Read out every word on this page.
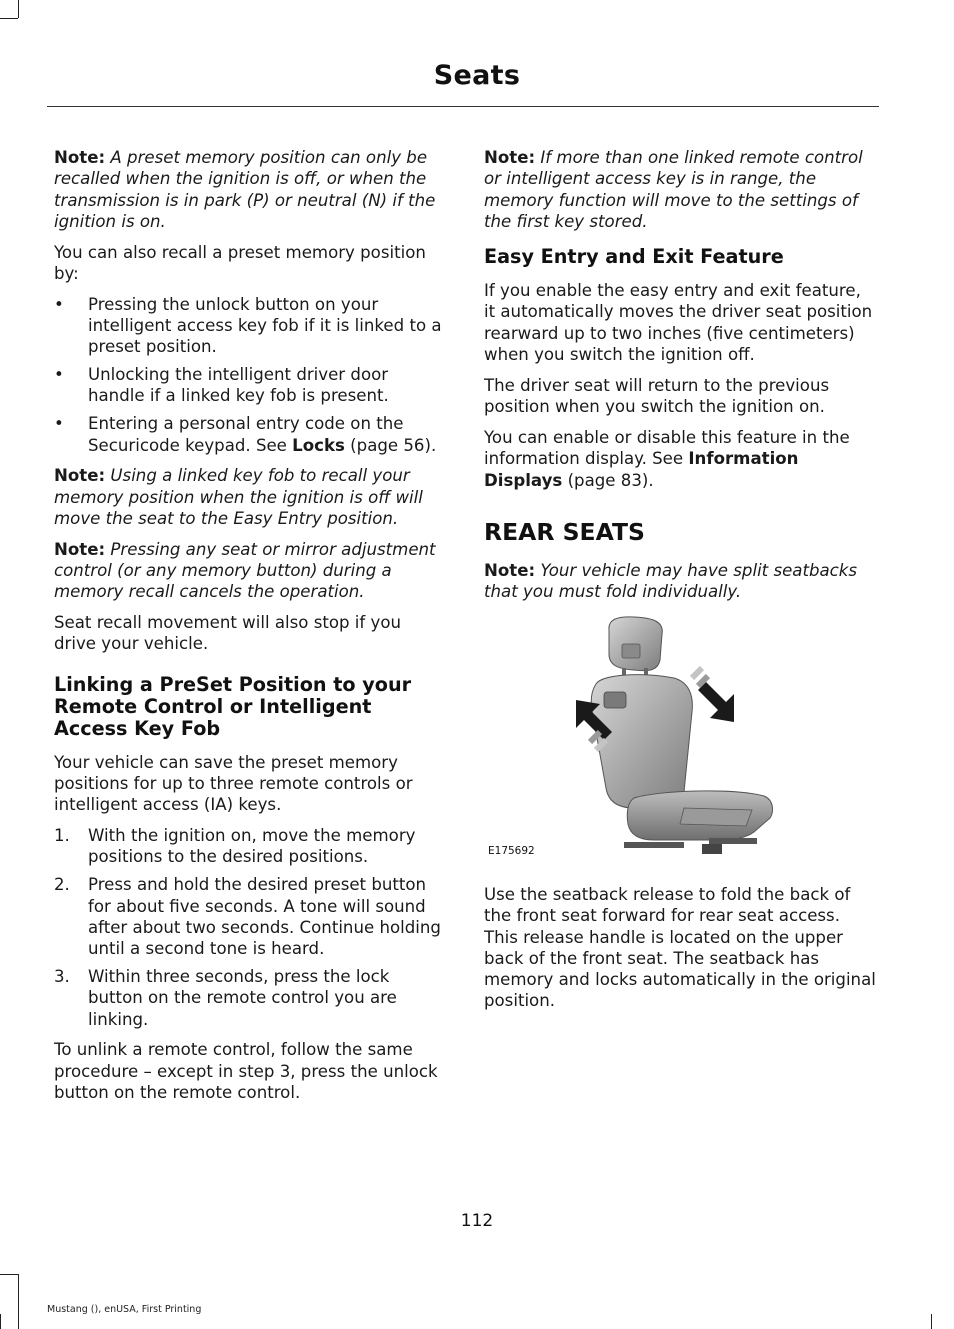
Seats

Note: A preset memory position can only be recalled when the ignition is off, or when the transmission is in park (P) or neutral (N) if the ignition is on.

You can also recall a preset memory position by:

• Pressing the unlock button on your intelligent access key fob if it is linked to a preset position.
• Unlocking the intelligent driver door handle if a linked key fob is present.
• Entering a personal entry code on the Securicode keypad. See Locks (page 56).

Note: Using a linked key fob to recall your memory position when the ignition is off will move the seat to the Easy Entry position.

Note: Pressing any seat or mirror adjustment control (or any memory button) during a memory recall cancels the operation.

Seat recall movement will also stop if you drive your vehicle.

Linking a PreSet Position to your Remote Control or Intelligent Access Key Fob

Your vehicle can save the preset memory positions for up to three remote controls or intelligent access (IA) keys.

1. With the ignition on, move the memory positions to the desired positions.
2. Press and hold the desired preset button for about five seconds. A tone will sound after about two seconds. Continue holding until a second tone is heard.
3. Within three seconds, press the lock button on the remote control you are linking.

To unlink a remote control, follow the same procedure – except in step 3, press the unlock button on the remote control.

Note: If more than one linked remote control or intelligent access key is in range, the memory function will move to the settings of the first key stored.

Easy Entry and Exit Feature

If you enable the easy entry and exit feature, it automatically moves the driver seat position rearward up to two inches (five centimeters) when you switch the ignition off.

The driver seat will return to the previous position when you switch the ignition on.

You can enable or disable this feature in the information display. See Information Displays (page 83).

REAR SEATS

Note: Your vehicle may have split seatbacks that you must fold individually.

E175692

Use the seatback release to fold the back of the front seat forward for rear seat access. This release handle is located on the upper back of the front seat. The seatback has memory and locks automatically in the original position.

112
Mustang (), enUSA, First Printing
